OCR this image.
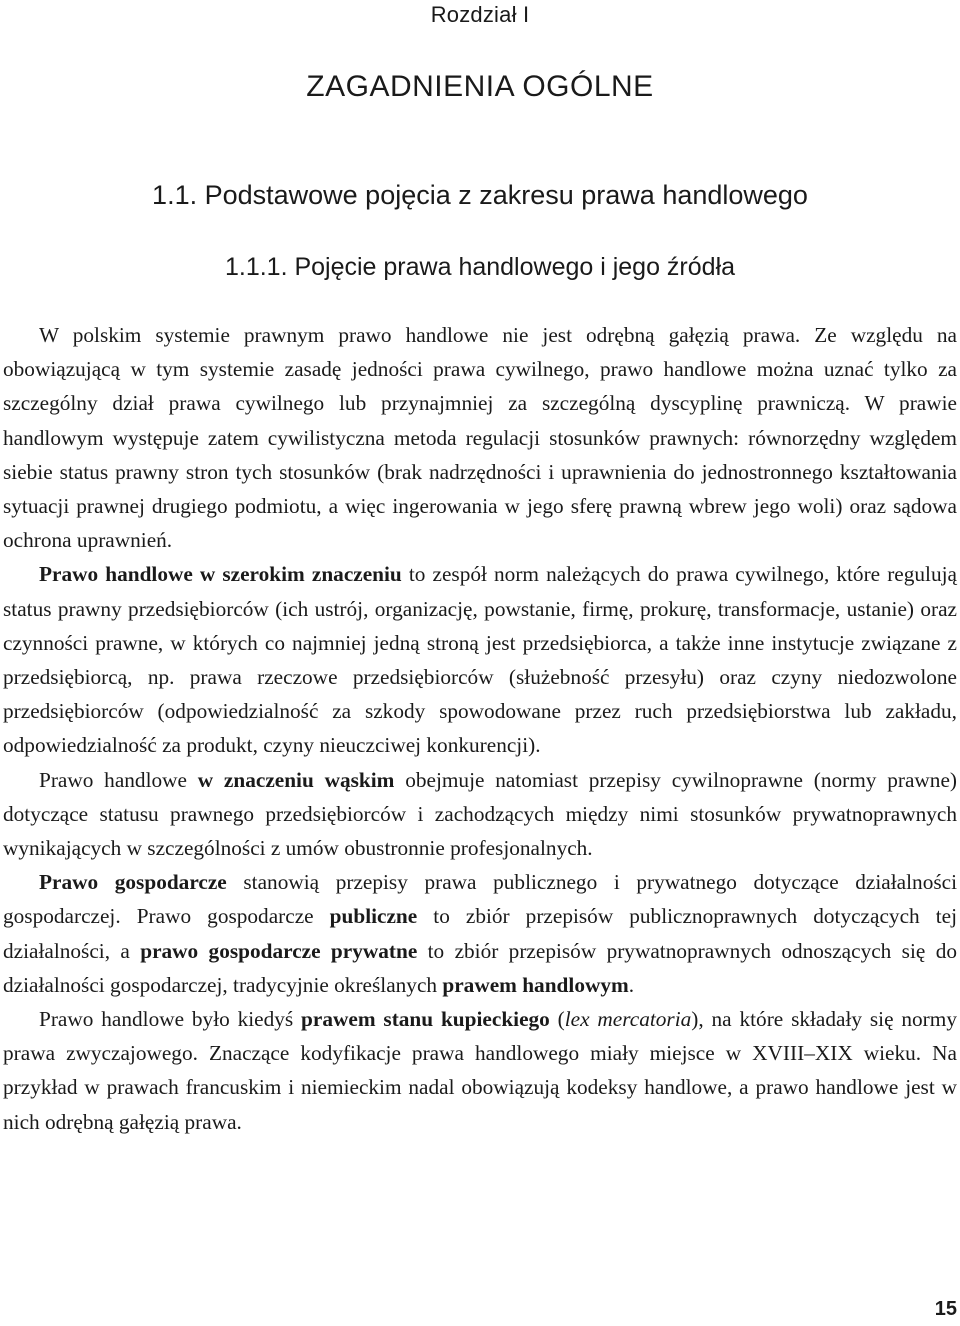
Rozdział I
ZAGADNIENIA OGÓLNE
1.1. Podstawowe pojęcia z zakresu prawa handlowego
1.1.1. Pojęcie prawa handlowego i jego źródła

W polskim systemie prawnym prawo handlowe nie jest odrębną gałęzią prawa. Ze względu na obowiązującą w tym systemie zasadę jedności prawa cywilnego, prawo handlowe można uznać tylko za szczególny dział prawa cywilnego lub przynajmniej za szczególną dyscyplinę prawniczą. W prawie handlowym występuje zatem cywilistyczna metoda regulacji stosunków prawnych: równorzędny względem siebie status prawny stron tych stosunków (brak nadrzędności i uprawnienia do jednostronnego kształtowania sytuacji prawnej drugiego podmiotu, a więc ingerowania w jego sferę prawną wbrew jego woli) oraz sądowa ochrona uprawnień.

Prawo handlowe w szerokim znaczeniu to zespół norm należących do prawa cywilnego, które regulują status prawny przedsiębiorców (ich ustrój, organizację, powstanie, firmę, prokurę, transformacje, ustanie) oraz czynności prawne, w których co najmniej jedną stroną jest przedsiębiorca, a także inne instytucje związane z przedsiębiorcą, np. prawa rzeczowe przedsiębiorców (służebność przesyłu) oraz czyny niedozwolone przedsiębiorców (odpowiedzialność za szkody spowodowane przez ruch przedsiębiorstwa lub zakładu, odpowiedzialność za produkt, czyny nieuczciwej konkurencji).

Prawo handlowe w znaczeniu wąskim obejmuje natomiast przepisy cywilnoprawne (normy prawne) dotyczące statusu prawnego przedsiębiorców i zachodzących między nimi stosunków prywatnoprawnych wynikających w szczególności z umów obustronnie profesjonalnych.

Prawo gospodarcze stanowią przepisy prawa publicznego i prywatnego dotyczące działalności gospodarczej. Prawo gospodarcze publiczne to zbiór przepisów publicznoprawnych dotyczących tej działalności, a prawo gospodarcze prywatne to zbiór przepisów prywatnoprawnych odnoszących się do działalności gospodarczej, tradycyjnie określanych prawem handlowym.

Prawo handlowe było kiedyś prawem stanu kupieckiego (lex mercatoria), na które składały się normy prawa zwyczajowego. Znaczące kodyfikacje prawa handlowego miały miejsce w XVIII–XIX wieku. Na przykład w prawach francuskim i niemieckim nadal obowiązują kodeksy handlowe, a prawo handlowe jest w nich odrębną gałęzią prawa.

15
